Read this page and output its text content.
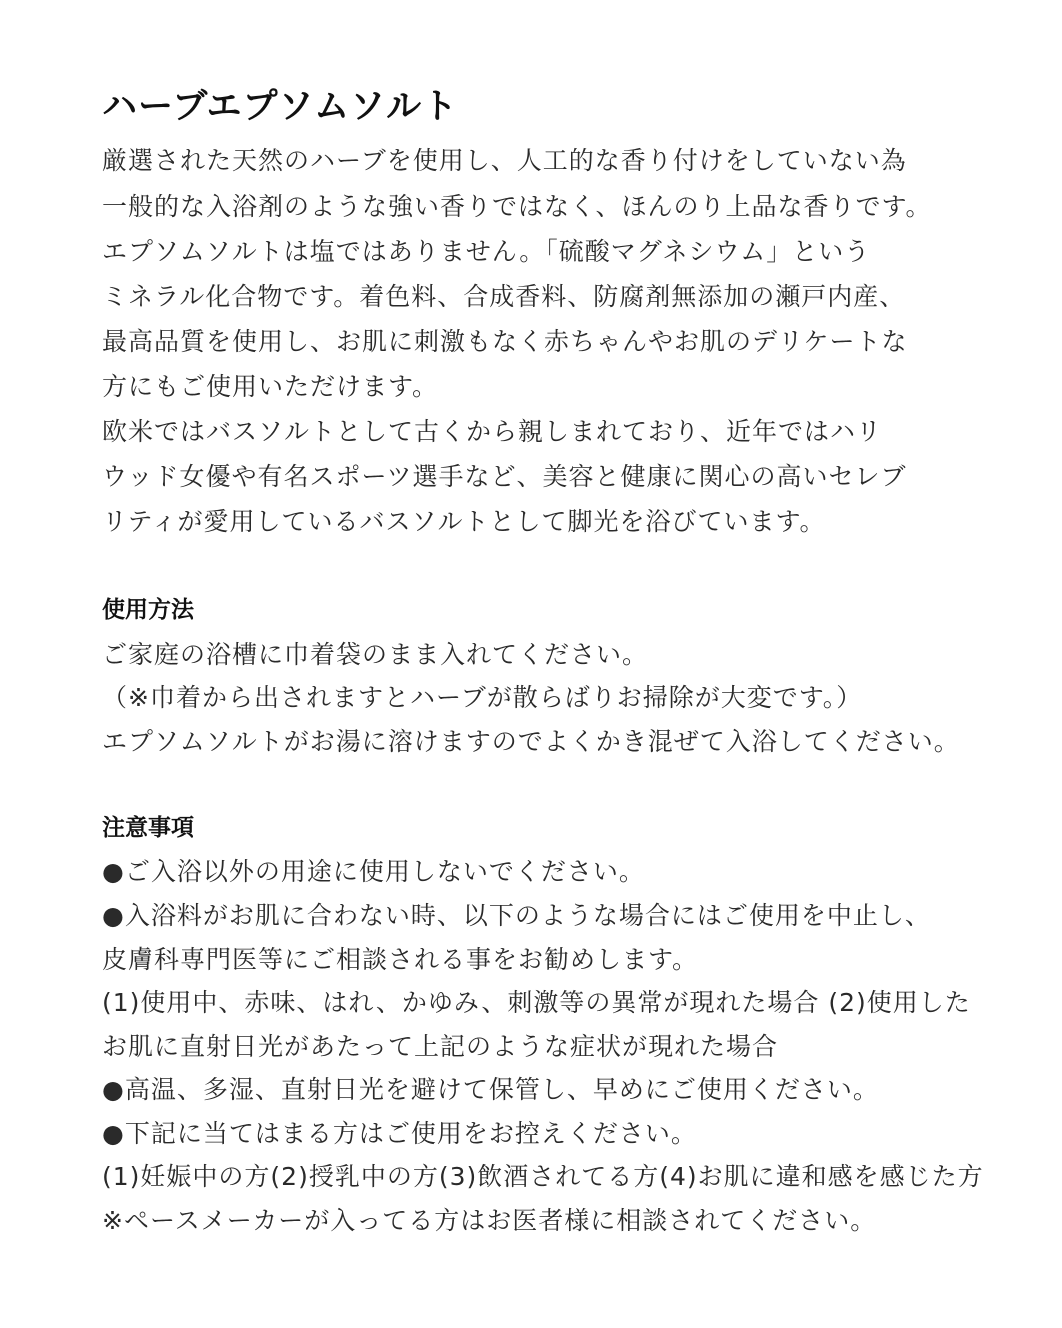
ハーブエプソムソルト

厳選された天然のハーブを使用し、人工的な香り付けをしていない為

一般的な入浴剤のような強い香りではなく、ほんのり上品な香りです。

エプソムソルトは塩ではありません。「硫酸マグネシウム」という

ミネラル化合物です。着色料、合成香料、防腐剤無添加の瀬戸内産、

最高品質を使用し、お肌に刺激もなく赤ちゃんやお肌のデリケートな

方にもご使用いただけます。

欧米ではバスソルトとして古くから親しまれており、近年ではハリ

ウッド女優や有名スポーツ選手など、美容と健康に関心の高いセレブ

リティが愛用しているバスソルトとして脚光を浴びています。

使用方法

ご家庭の浴槽に巾着袋のまま入れてください。

（※巾着から出されますとハーブが散らばりお掃除が大変です。）

エプソムソルトがお湯に溶けますのでよくかき混ぜて入浴してください。

注意事項

●ご入浴以外の用途に使用しないでください。

●入浴料がお肌に合わない時、以下のような場合にはご使用を中止し、

皮膚科専門医等にご相談される事をお勧めします。

(1)使用中、赤味、はれ、かゆみ、刺激等の異常が現れた場合 (2)使用した

お肌に直射日光があたって上記のような症状が現れた場合

●高温、多湿、直射日光を避けて保管し、早めにご使用ください。

●下記に当てはまる方はご使用をお控えください。

(1)妊娠中の方(2)授乳中の方(3)飲酒されてる方(4)お肌に違和感を感じた方

※ペースメーカーが入ってる方はお医者様に相談されてください。
